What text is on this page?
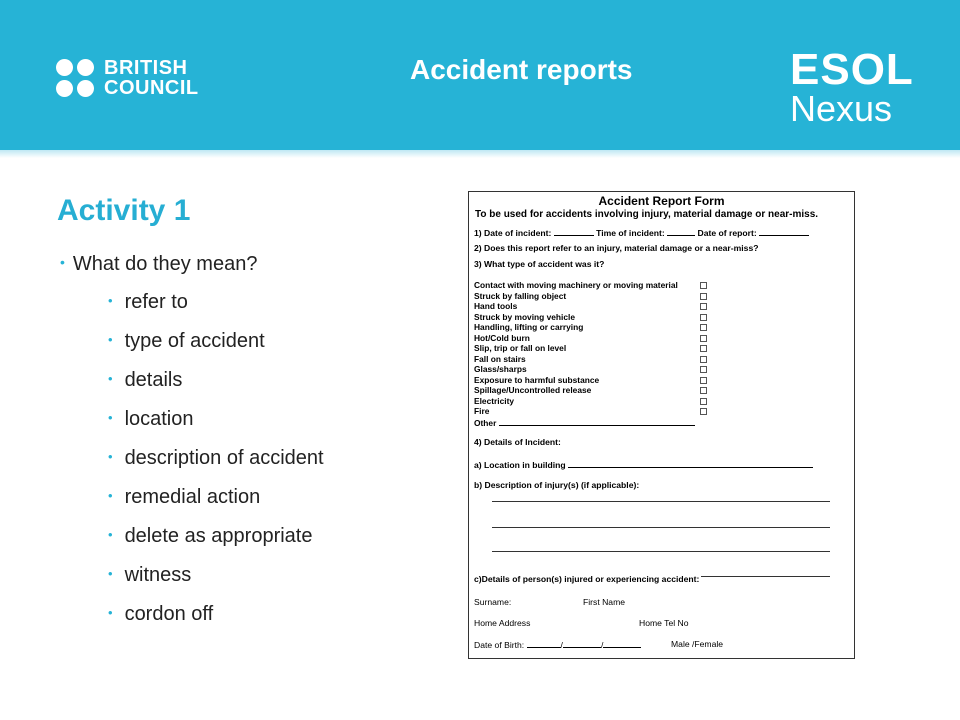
BRITISH
COUNCIL
Accident reports	ESOL
Nexus
Activity 1
• What do they mean?
• refer to
• type of accident
• details
• location
• description of accident
• remedial action
• delete as appropriate
• witness
• cordon off
Accident Report Form
To be used for accidents involving injury, material damage or near-miss.
1) Date of incident:	Time of incident:	Date of report:
2) Does this report refer to an injury, material damage or a near-miss?
3) What type of accident was it?
Contact with moving machinery or moving material
Struck by falling object
Hand tools
Struck by moving vehicle
Handling, lifting or carrying
Hot/Cold burn
Slip, trip or fall on level
Fall on stairs
Glass/sharps
Exposure to harmful substance
Spillage/Uncontrolled release
Electricity
Fire
Other
4) Details of Incident:
a) Location in building
b) Description of injury(s) (if applicable):
c)Details of person(s) injured or experiencing accident:
Surname:	First Name
Home Address	Home Tel No
Date of Birth:	/	/	Male /Female
